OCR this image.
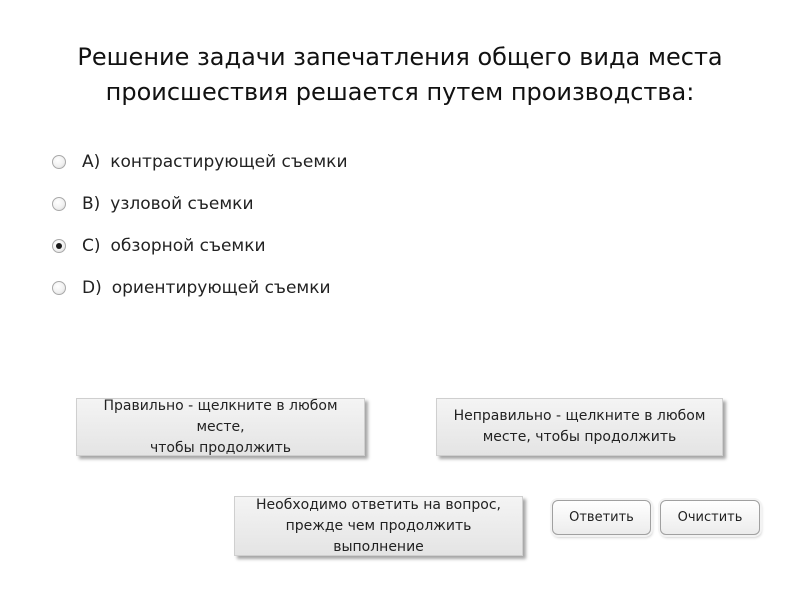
Решение задачи запечатления общего вида места
происшествия решается путем производства:
A) контрастирующей съемки
B) узловой съемки
C) обзорной съемки
D) ориентирующей съемки
Правильно - щелкните в любом месте,
чтобы продолжить
Неправильно - щелкните в любом
месте, чтобы продолжить
Необходимо ответить на вопрос,
прежде чем продолжить выполнение
Ответить	Очистить
